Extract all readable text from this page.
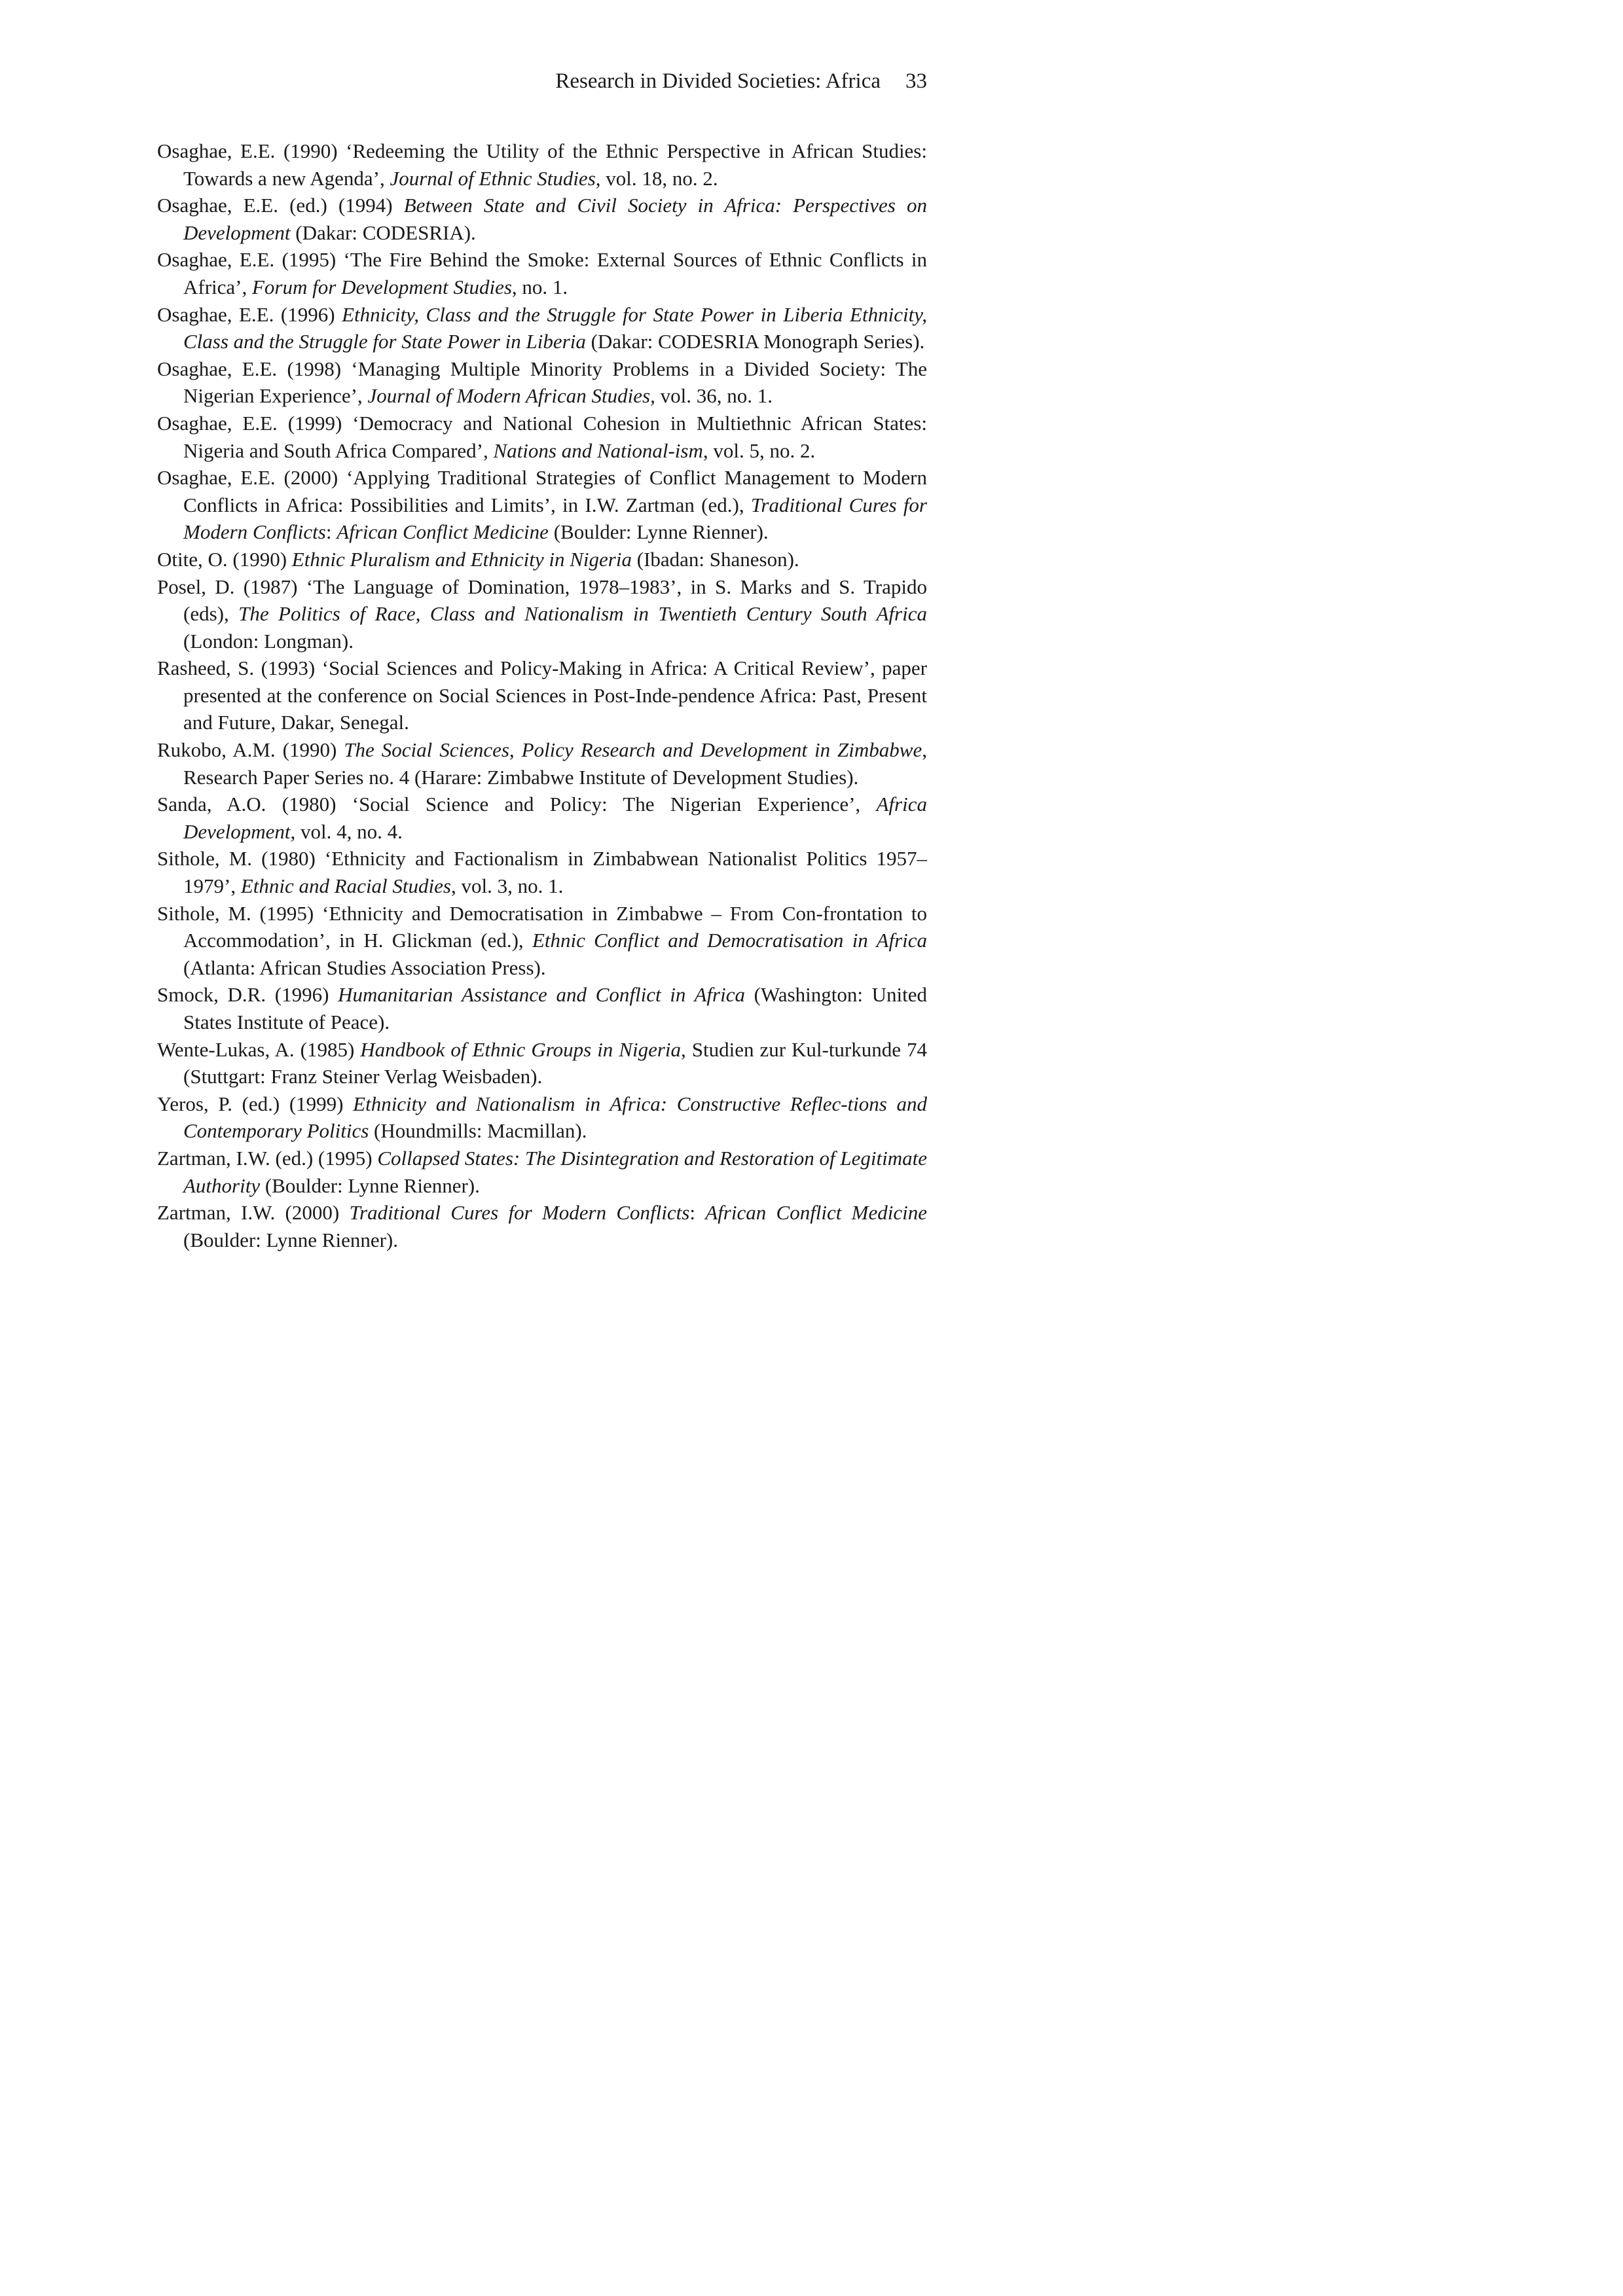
Research in Divided Societies: Africa 33
Osaghae, E.E. (1990) ‘Redeeming the Utility of the Ethnic Perspective in African Studies: Towards a new Agenda’, Journal of Ethnic Studies, vol. 18, no. 2.
Osaghae, E.E. (ed.) (1994) Between State and Civil Society in Africa: Perspectives on Development (Dakar: CODESRIA).
Osaghae, E.E. (1995) ‘The Fire Behind the Smoke: External Sources of Ethnic Conflicts in Africa’, Forum for Development Studies, no. 1.
Osaghae, E.E. (1996) Ethnicity, Class and the Struggle for State Power in Liberia Ethnicity, Class and the Struggle for State Power in Liberia (Dakar: CODESRIA Monograph Series).
Osaghae, E.E. (1998) ‘Managing Multiple Minority Problems in a Divided Society: The Nigerian Experience’, Journal of Modern African Studies, vol. 36, no. 1.
Osaghae, E.E. (1999) ‘Democracy and National Cohesion in Multiethnic African States: Nigeria and South Africa Compared’, Nations and National-ism, vol. 5, no. 2.
Osaghae, E.E. (2000) ‘Applying Traditional Strategies of Conflict Management to Modern Conflicts in Africa: Possibilities and Limits’, in I.W. Zartman (ed.), Traditional Cures for Modern Conflicts: African Conflict Medicine (Boulder: Lynne Rienner).
Otite, O. (1990) Ethnic Pluralism and Ethnicity in Nigeria (Ibadan: Shaneson).
Posel, D. (1987) ‘The Language of Domination, 1978–1983’, in S. Marks and S. Trapido (eds), The Politics of Race, Class and Nationalism in Twentieth Century South Africa (London: Longman).
Rasheed, S. (1993) ‘Social Sciences and Policy-Making in Africa: A Critical Review’, paper presented at the conference on Social Sciences in Post-Inde-pendence Africa: Past, Present and Future, Dakar, Senegal.
Rukobo, A.M. (1990) The Social Sciences, Policy Research and Development in Zimbabwe, Research Paper Series no. 4 (Harare: Zimbabwe Institute of Development Studies).
Sanda, A.O. (1980) ‘Social Science and Policy: The Nigerian Experience’, Africa Development, vol. 4, no. 4.
Sithole, M. (1980) ‘Ethnicity and Factionalism in Zimbabwean Nationalist Politics 1957–1979’, Ethnic and Racial Studies, vol. 3, no. 1.
Sithole, M. (1995) ‘Ethnicity and Democratisation in Zimbabwe – From Con-frontation to Accommodation’, in H. Glickman (ed.), Ethnic Conflict and Democratisation in Africa (Atlanta: African Studies Association Press).
Smock, D.R. (1996) Humanitarian Assistance and Conflict in Africa (Washington: United States Institute of Peace).
Wente-Lukas, A. (1985) Handbook of Ethnic Groups in Nigeria, Studien zur Kul-turkunde 74 (Stuttgart: Franz Steiner Verlag Weisbaden).
Yeros, P. (ed.) (1999) Ethnicity and Nationalism in Africa: Constructive Reflec-tions and Contemporary Politics (Houndmills: Macmillan).
Zartman, I.W. (ed.) (1995) Collapsed States: The Disintegration and Restoration of Legitimate Authority (Boulder: Lynne Rienner).
Zartman, I.W. (2000) Traditional Cures for Modern Conflicts: African Conflict Medicine (Boulder: Lynne Rienner).
